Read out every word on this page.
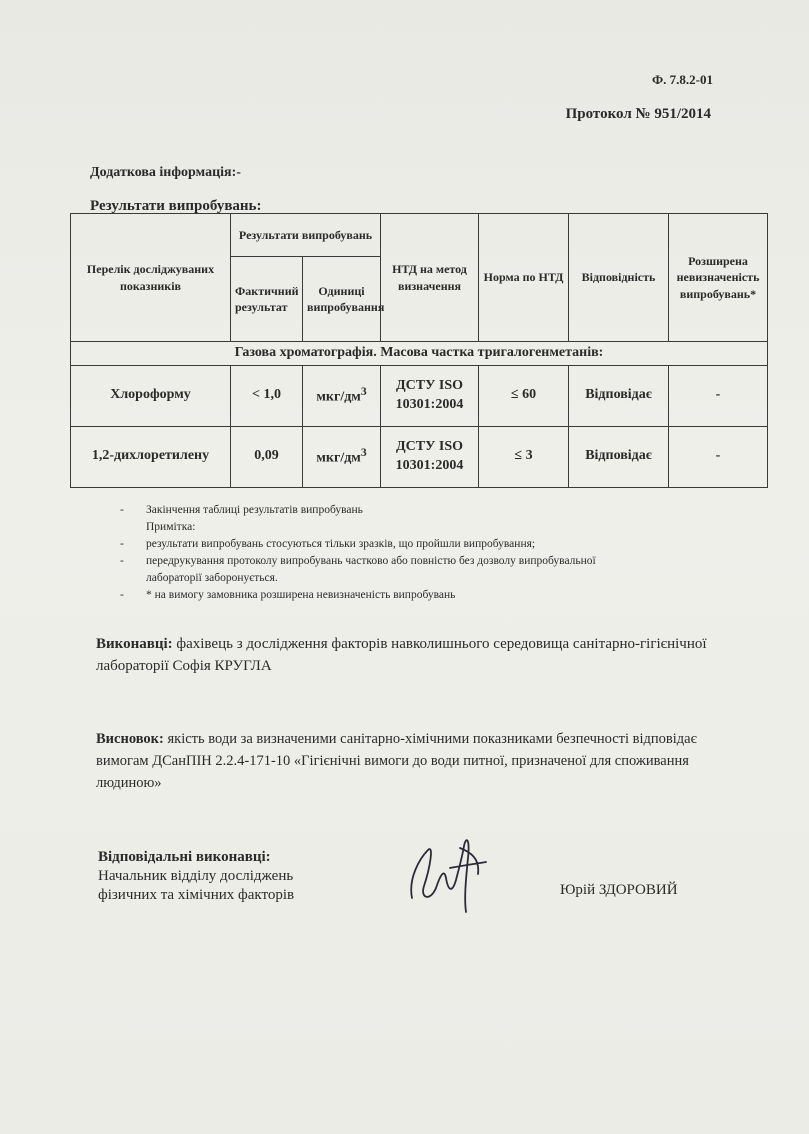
Ф. 7.8.2-01
Протокол № 951/2014
Додаткова інформація:-
Результати випробувань:
Перелік досліджуваних показників	Результати випробувань		НТД на метод визначення	Норма по НТД	Відповідність	Розширена невизначеність випробувань*
	Фактичний результат	Одиниці випробування				
Газова хроматографія. Масова частка тригалогенметанів:						
Хлороформу	< 1,0	мкг/$дм^3$	ДСТУ ISO 10301:2004	≤ 60	Відповідає	-
1,2-дихлоретилену	0,09	мкг/$дм^3$	ДСТУ ISO 10301:2004	≤ 3	Відповідає	-
- Закінчення таблиці результатів випробувань
Примітка:
- результати випробувань стосуються тільки зразків, що пройшли випробування;
- передрукування протоколу випробувань частково або повністю без дозволу випробувальної
лабораторії заборонується.
- * на вимогу замовника розширена невизначеність випробувань
Виконавці: фахівець з дослідження факторів навколишнього середовища санітарно-гігієнічної лабораторії Софія КРУГЛА
Висновок: якість води за визначеними санітарно-хімічними показниками безпечності відповідає вимогам ДСанПІН 2.2.4-171-10 «Гігієнічні вимоги до води питної, призначеної для споживання людиною»
Відповідальні виконавці:
Начальник відділу досліджень
фізичних та хімічних факторів	Юрій ЗДОРОВИЙ
